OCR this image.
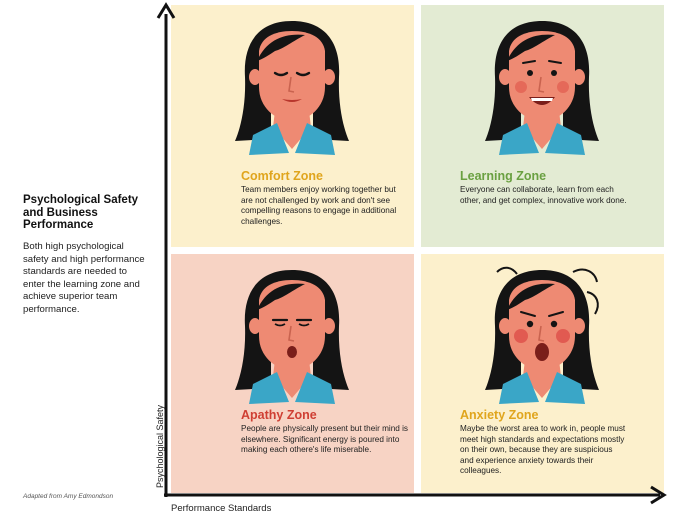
Psychological Safety and Business Performance

Both high psychological safety and high performance standards are needed to enter the learning zone and achieve superior team performance.

Adapted from Amy Edmondson
Comfort Zone

Team members enjoy working together but are not challenged by work and don't see compelling reasons to engage in additional challenges.

Learning Zone

Everyone can collaborate, learn from each other, and get complex, innovative work done.

Apathy Zone

People are physically present but their mind is elsewhere. Significant energy is poured into making each othere's life miserable.

Anxiety Zone

Maybe the worst area to work in, people must meet high standards and expectations mostly on their own, because they are suspicious and experience anxiety towards their colleagues.

Performance Standards
Psychological Safety
